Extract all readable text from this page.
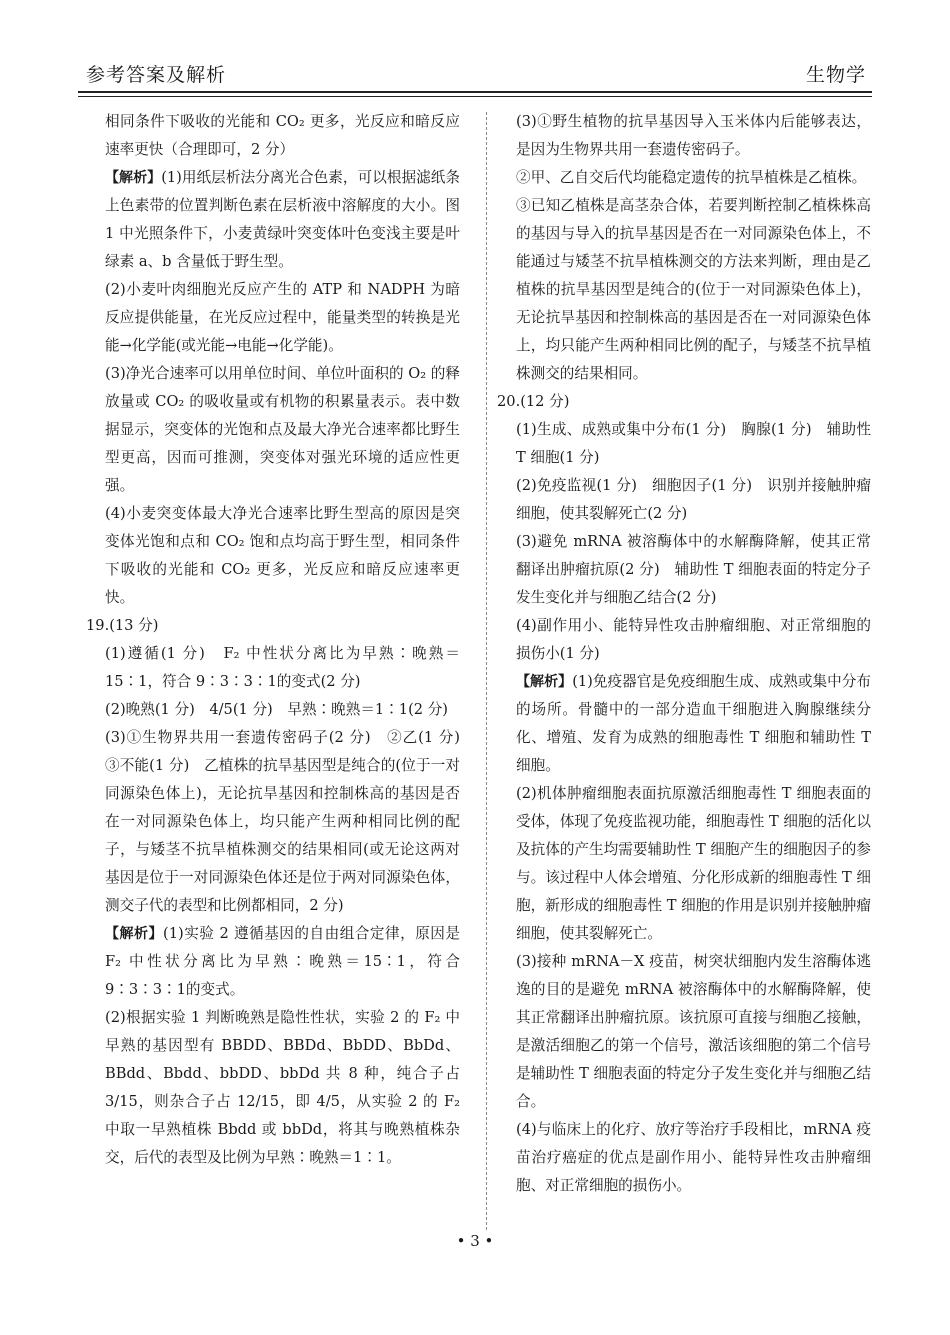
参考答案及解析	生物学

相同条件下吸收的光能和 CO₂ 更多，光反应和暗反应速率更快（合理即可，2 分）

【解析】(1)用纸层析法分离光合色素，可以根据滤纸条上色素带的位置判断色素在层析液中溶解度的大小。图 1 中光照条件下，小麦黄绿叶突变体叶色变浅主要是叶绿素 a、b 含量低于野生型。

(2)小麦叶肉细胞光反应产生的 ATP 和 NADPH 为暗反应提供能量，在光反应过程中，能量类型的转换是光能→化学能(或光能→电能→化学能)。

(3)净光合速率可以用单位时间、单位叶面积的 O₂ 的释放量或 CO₂ 的吸收量或有机物的积累量表示。表中数据显示，突变体的光饱和点及最大净光合速率都比野生型更高，因而可推测，突变体对强光环境的适应性更强。

(4)小麦突变体最大净光合速率比野生型高的原因是突变体光饱和点和 CO₂ 饱和点均高于野生型，相同条件下吸收的光能和 CO₂ 更多，光反应和暗反应速率更快。

19.(13 分)

(1)遵循(1 分)　F₂ 中性状分离比为早熟∶晚熟＝15∶1，符合 9∶3∶3∶1的变式(2 分)

(2)晚熟(1 分)　4/5(1 分)　早熟∶晚熟＝1∶1(2 分)

(3)①生物界共用一套遗传密码子(2 分)　②乙(1 分)　③不能(1 分)　乙植株的抗旱基因型是纯合的(位于一对同源染色体上)，无论抗旱基因和控制株高的基因是否在一对同源染色体上，均只能产生两种相同比例的配子，与矮茎不抗旱植株测交的结果相同(或无论这两对基因是位于一对同源染色体还是位于两对同源染色体，测交子代的表型和比例都相同，2 分)

【解析】(1)实验 2 遵循基因的自由组合定律，原因是 F₂ 中性状分离比为早熟∶晚熟＝15∶1，符合 9∶3∶3∶1的变式。

(2)根据实验 1 判断晚熟是隐性性状，实验 2 的 F₂ 中早熟的基因型有 BBDD、BBDd、BbDD、BbDd、BBdd、Bbdd、bbDD、bbDd 共 8 种，纯合子占 3/15，则杂合子占 12/15，即 4/5，从实验 2 的 F₂ 中取一早熟植株 Bbdd 或 bbDd，将其与晚熟植株杂交，后代的表型及比例为早熟∶晚熟＝1∶1。

(3)①野生植物的抗旱基因导入玉米体内后能够表达，是因为生物界共用一套遗传密码子。

②甲、乙自交后代均能稳定遗传的抗旱植株是乙植株。

③已知乙植株是高茎杂合体，若要判断控制乙植株株高的基因与导入的抗旱基因是否在一对同源染色体上，不能通过与矮茎不抗旱植株测交的方法来判断，理由是乙植株的抗旱基因型是纯合的(位于一对同源染色体上)，无论抗旱基因和控制株高的基因是否在一对同源染色体上，均只能产生两种相同比例的配子，与矮茎不抗旱植株测交的结果相同。

20.(12 分)

(1)生成、成熟或集中分布(1 分)　胸腺(1 分)　辅助性 T 细胞(1 分)

(2)免疫监视(1 分)　细胞因子(1 分)　识别并接触肿瘤细胞，使其裂解死亡(2 分)

(3)避免 mRNA 被溶酶体中的水解酶降解，使其正常翻译出肿瘤抗原(2 分)　辅助性 T 细胞表面的特定分子发生变化并与细胞乙结合(2 分)

(4)副作用小、能特异性攻击肿瘤细胞、对正常细胞的损伤小(1 分)

【解析】(1)免疫器官是免疫细胞生成、成熟或集中分布的场所。骨髓中的一部分造血干细胞进入胸腺继续分化、增殖、发育为成熟的细胞毒性 T 细胞和辅助性 T 细胞。

(2)机体肿瘤细胞表面抗原激活细胞毒性 T 细胞表面的受体，体现了免疫监视功能，细胞毒性 T 细胞的活化以及抗体的产生均需要辅助性 T 细胞产生的细胞因子的参与。该过程中人体会增殖、分化形成新的细胞毒性 T 细胞，新形成的细胞毒性 T 细胞的作用是识别并接触肿瘤细胞，使其裂解死亡。

(3)接种 mRNA－X 疫苗，树突状细胞内发生溶酶体逃逸的目的是避免 mRNA 被溶酶体中的水解酶降解，使其正常翻译出肿瘤抗原。该抗原可直接与细胞乙接触，是激活细胞乙的第一个信号，激活该细胞的第二个信号是辅助性 T 细胞表面的特定分子发生变化并与细胞乙结合。

(4)与临床上的化疗、放疗等治疗手段相比，mRNA 疫苗治疗癌症的优点是副作用小、能特异性攻击肿瘤细胞、对正常细胞的损伤小。

• 3 •
